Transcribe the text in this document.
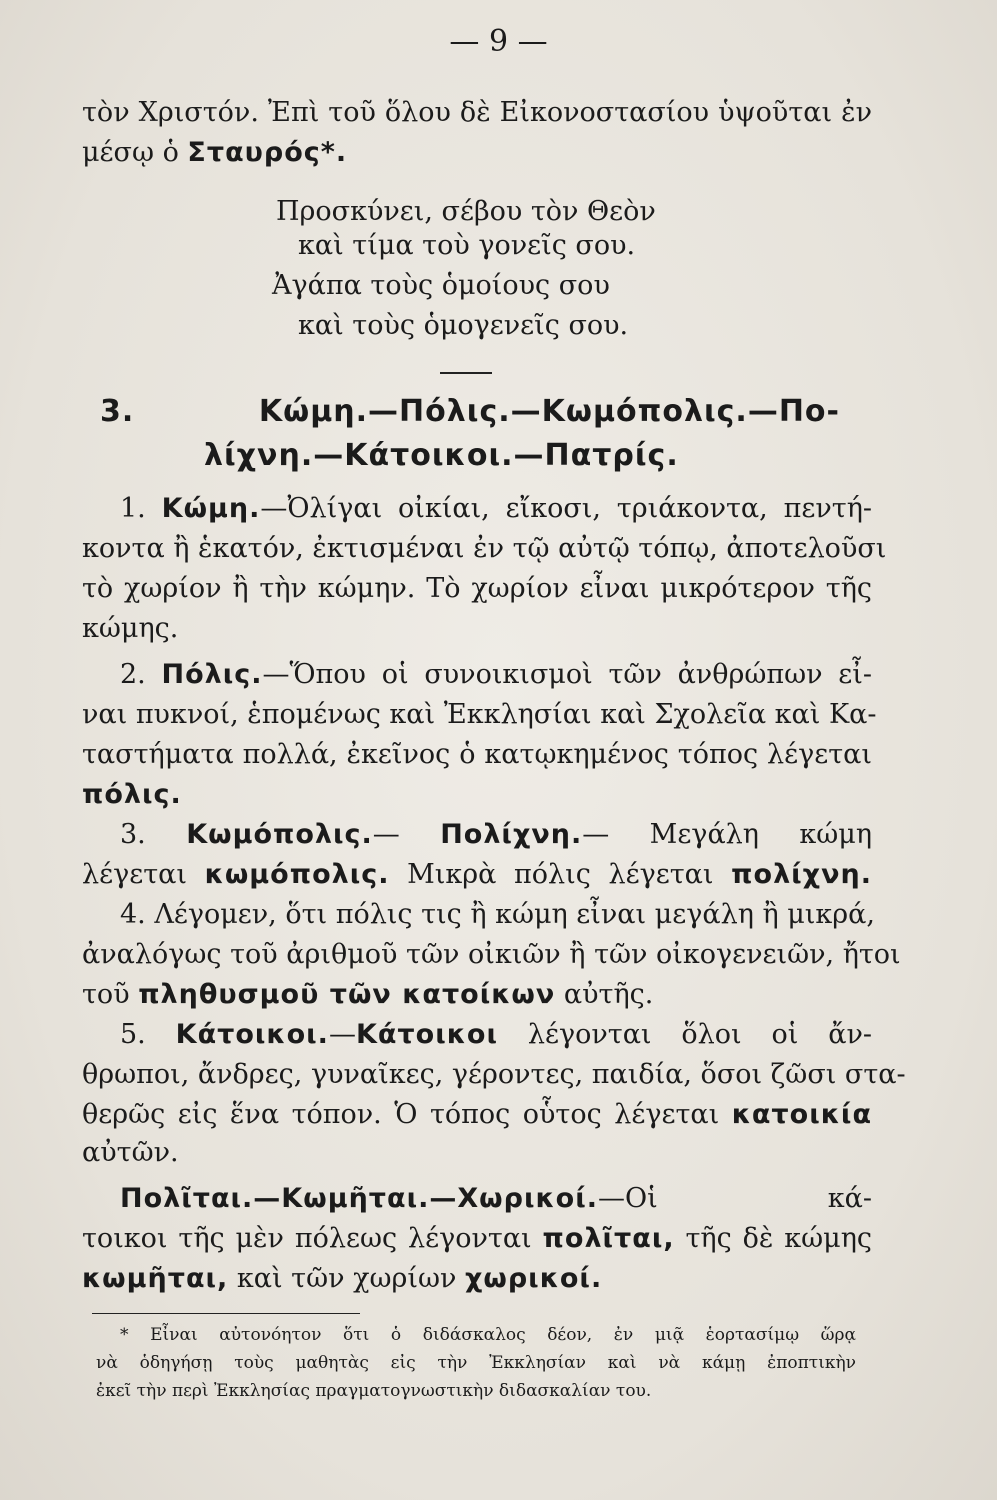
— 9 —
τὸν Χριστόν. Ἐπὶ τοῦ ὅλου δὲ Εἰκονοστασίου ὑψοῦται ἐν
μέσῳ ὁ Σταυρός*.
Προσκύνει, σέβου τὸν Θεὸν
καὶ τίμα τοὺ γονεῖς σου.
Ἀγάπα τοὺς ὁμοίους σου
καὶ τοὺς ὁμογενεῖς σου.
3. Κώμη.—Πόλις.—Κωμόπολις.—Πο-
λίχνη.—Κάτοικοι.—Πατρίς.
1. Κώμη.—Ὀλίγαι οἰκίαι, εἴκοσι, τριάκοντα, πεντή-
κοντα ἢ ἑκατόν, ἐκτισμέναι ἐν τῷ αὐτῷ τόπῳ, ἀποτελοῦσι
τὸ χωρίον ἢ τὴν κώμην. Τὸ χωρίον εἶναι μικρότερον τῆς
κώμης.
2. Πόλις.—Ὅπου οἱ συνοικισμοὶ τῶν ἀνθρώπων εἶ-
ναι πυκνοί, ἑπομένως καὶ Ἐκκλησίαι καὶ Σχολεῖα καὶ Κα-
ταστήματα πολλά, ἐκεῖνος ὁ κατῳκημένος τόπος λέγεται
πόλις.
3. Κωμόπολις.— Πολίχνη.— Μεγάλη κώμη
λέγεται κωμόπολις. Μικρὰ πόλις λέγεται πολίχνη.
4. Λέγομεν, ὅτι πόλις τις ἢ κώμη εἶναι μεγάλη ἢ μικρά,
ἀναλόγως τοῦ ἀριθμοῦ τῶν οἰκιῶν ἢ τῶν οἰκογενειῶν, ἤτοι
τοῦ πληθυσμοῦ τῶν κατοίκων αὐτῆς.
5. Κάτοικοι.—Κάτοικοι λέγονται ὅλοι οἱ ἄν-
θρωποι, ἄνδρες, γυναῖκες, γέροντες, παιδία, ὅσοι ζῶσι στα-
θερῶς εἰς ἕνα τόπον. Ὁ τόπος οὗτος λέγεται κατοικία
αὐτῶν.
Πολῖται.—Κωμῆται.—Χωρικοί.—Οἱ κά-
τοικοι τῆς μὲν πόλεως λέγονται πολῖται, τῆς δὲ κώμης
κωμῆται, καὶ τῶν χωρίων χωρικοί.
* Εἶναι αὐτονόητον ὅτι ὁ διδάσκαλος δέον, ἐν μιᾷ ἑορτασίμῳ ὥρᾳ
νὰ ὁδηγήσῃ τοὺς μαθητὰς εἰς τὴν Ἐκκλησίαν καὶ νὰ κάμῃ ἐποπτικὴν
ἐκεῖ τὴν περὶ Ἐκκλησίας πραγματογνωστικὴν διδασκαλίαν του.
